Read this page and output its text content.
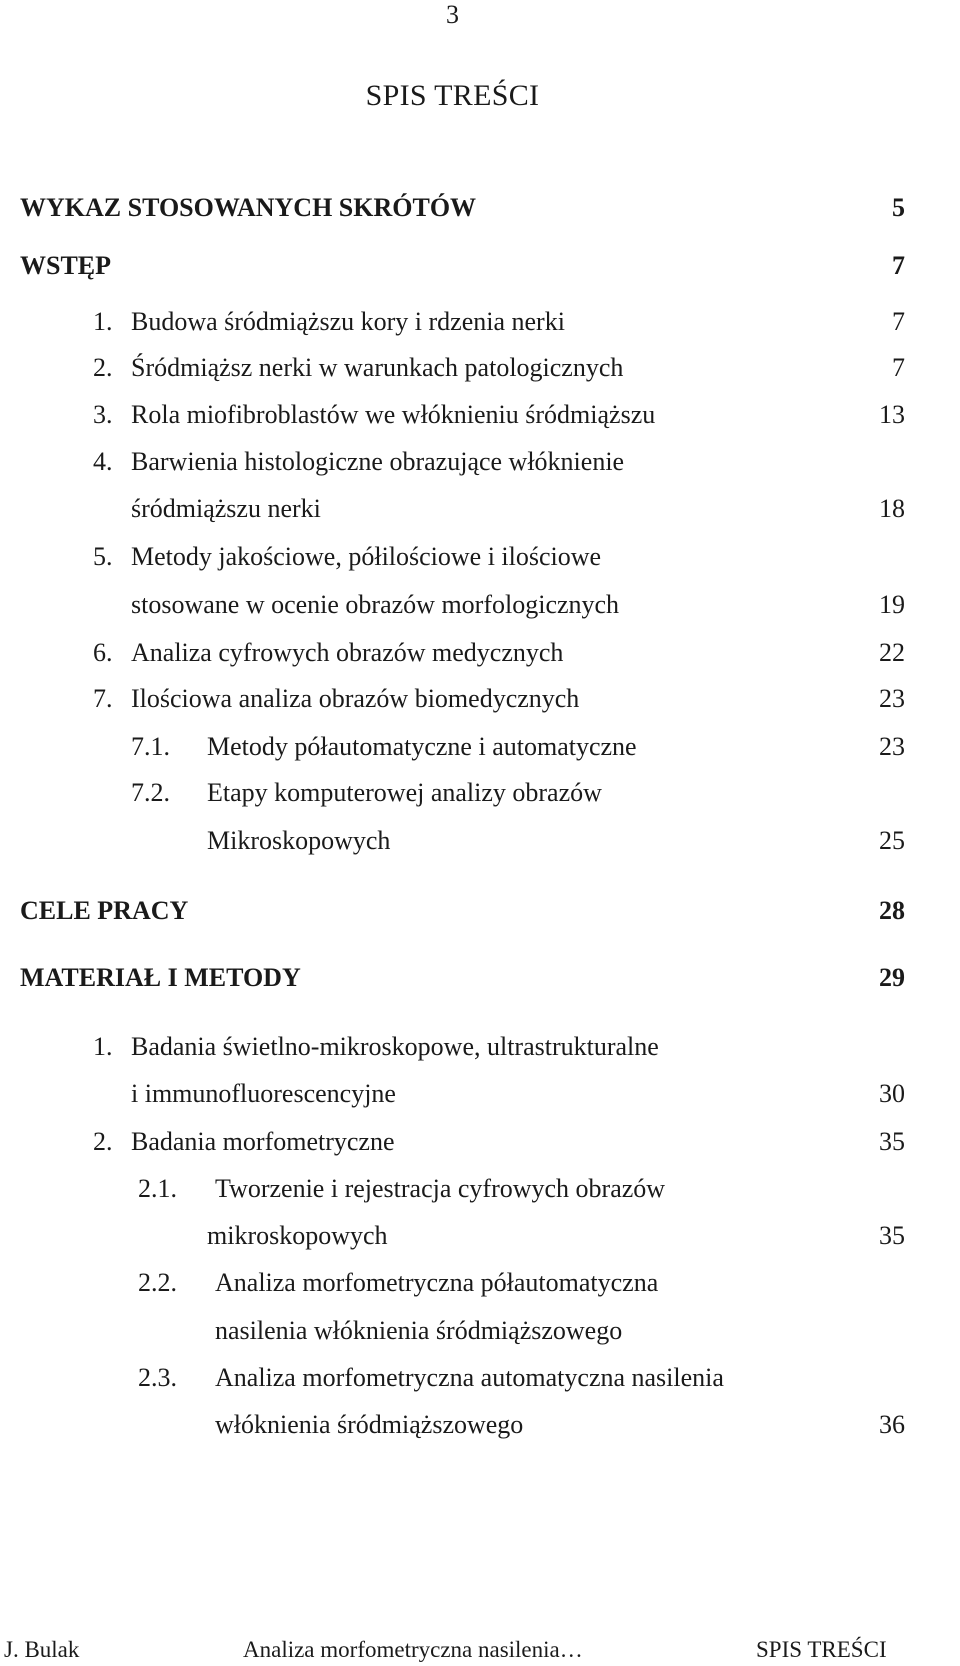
3
SPIS TREŚCI
WYKAZ STOSOWANYCH SKRÓTÓW	5
WSTĘP	7
1. Budowa śródmiąższu kory i rdzenia nerki	7
2. Śródmiąższ nerki w warunkach patologicznych	7
3. Rola miofibroblastów we włóknieniu śródmiąższu	13
4. Barwienia histologiczne obrazujące włóknienie
śródmiąższu nerki	18
5. Metody jakościowe, półilościowe i ilościowe
stosowane w ocenie obrazów morfologicznych	19
6. Analiza cyfrowych obrazów medycznych	22
7. Ilościowa analiza obrazów biomedycznych	23
7.1. Metody półautomatyczne i automatyczne	23
7.2. Etapy komputerowej analizy obrazów
Mikroskopowych	25
CELE PRACY	28
MATERIAŁ I METODY	29
1. Badania świetlno-mikroskopowe, ultrastrukturalne
i immunofluorescencyjne	30
2. Badania morfometryczne	35
2.1. Tworzenie i rejestracja cyfrowych obrazów
mikroskopowych	35
2.2. Analiza morfometryczna półautomatyczna
nasilenia włóknienia śródmiąższowego
2.3. Analiza morfometryczna automatyczna nasilenia
włóknienia śródmiąższowego	36
J. Bulak	Analiza morfometryczna nasilenia…	SPIS TREŚCI
